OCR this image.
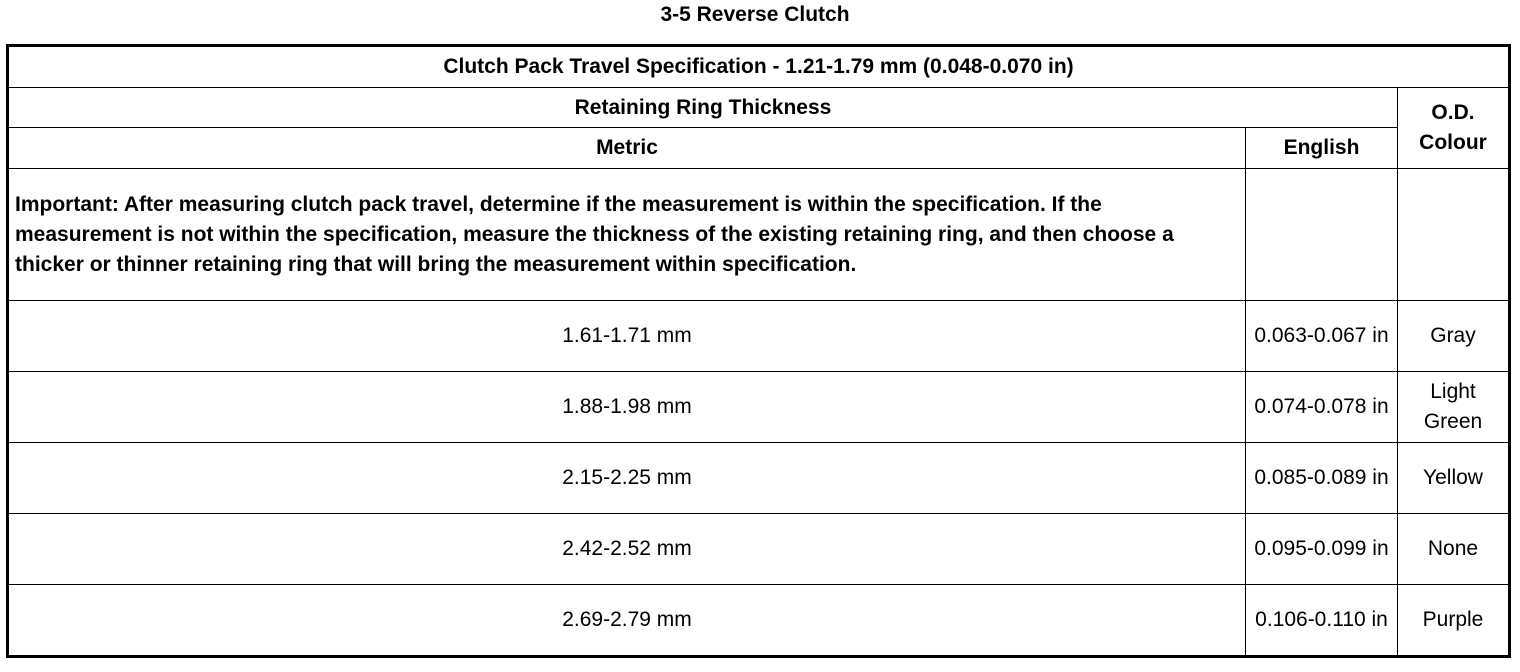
3-5 Reverse Clutch
Clutch Pack Travel Specification - 1.21-1.79 mm (0.048-0.070 in)		
Retaining Ring Thickness		O.D. Colour
Metric	English	
Important: After measuring clutch pack travel, determine if the measurement is within the specification. If the measurement is not within the specification, measure the thickness of the existing retaining ring, and then choose a thicker or thinner retaining ring that will bring the measurement within specification.		
1.61-1.71 mm	0.063-0.067 in	Gray
1.88-1.98 mm	0.074-0.078 in	Light Green
2.15-2.25 mm	0.085-0.089 in	Yellow
2.42-2.52 mm	0.095-0.099 in	None
2.69-2.79 mm	0.106-0.110 in	Purple
